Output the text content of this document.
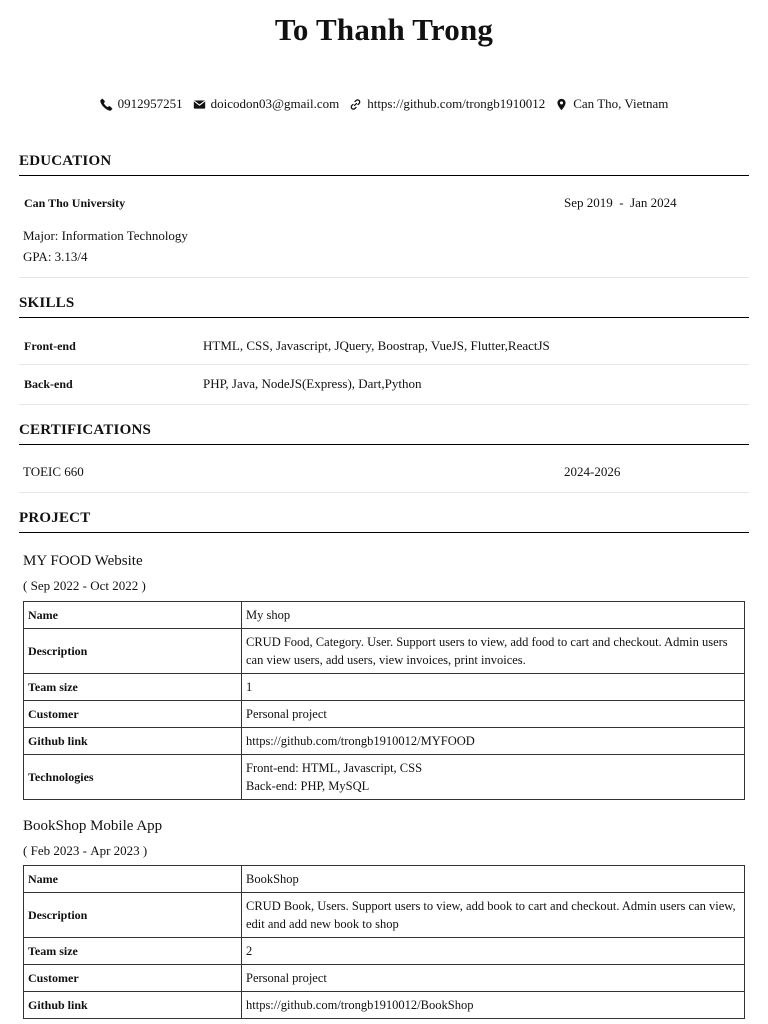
To Thanh Trong
0912957251 doicodon03@gmail.com https://github.com/trongb1910012 Can Tho, Vietnam
EDUCATION
Can Tho University	Sep 2019  -  Jan 2024
Major: Information Technology
GPA: 3.13/4
SKILLS
Front-end	HTML, CSS, Javascript, JQuery, Boostrap, VueJS, Flutter,ReactJS
Back-end	PHP, Java, NodeJS(Express), Dart,Python
CERTIFICATIONS
TOEIC 660	2024-2026
PROJECT
MY FOOD Website
( Sep 2022 - Oct 2022 )
Name	My shop
Description	CRUD Food, Category. User. Support users to view, add food to cart and checkout. Admin users can view users, add users, view invoices, print invoices.
Team size	1
Customer	Personal project
Github link	https://github.com/trongb1910012/MYFOOD
Technologies	Front-end: HTML, Javascript, CSS
Back-end: PHP, MySQL
BookShop Mobile App
( Feb 2023 - Apr 2023 )
Name	BookShop
Description	CRUD Book, Users. Support users to view, add book to cart and checkout. Admin users can view, edit and add new book to shop
Team size	2
Customer	Personal project
Github link	https://github.com/trongb1910012/BookShop
